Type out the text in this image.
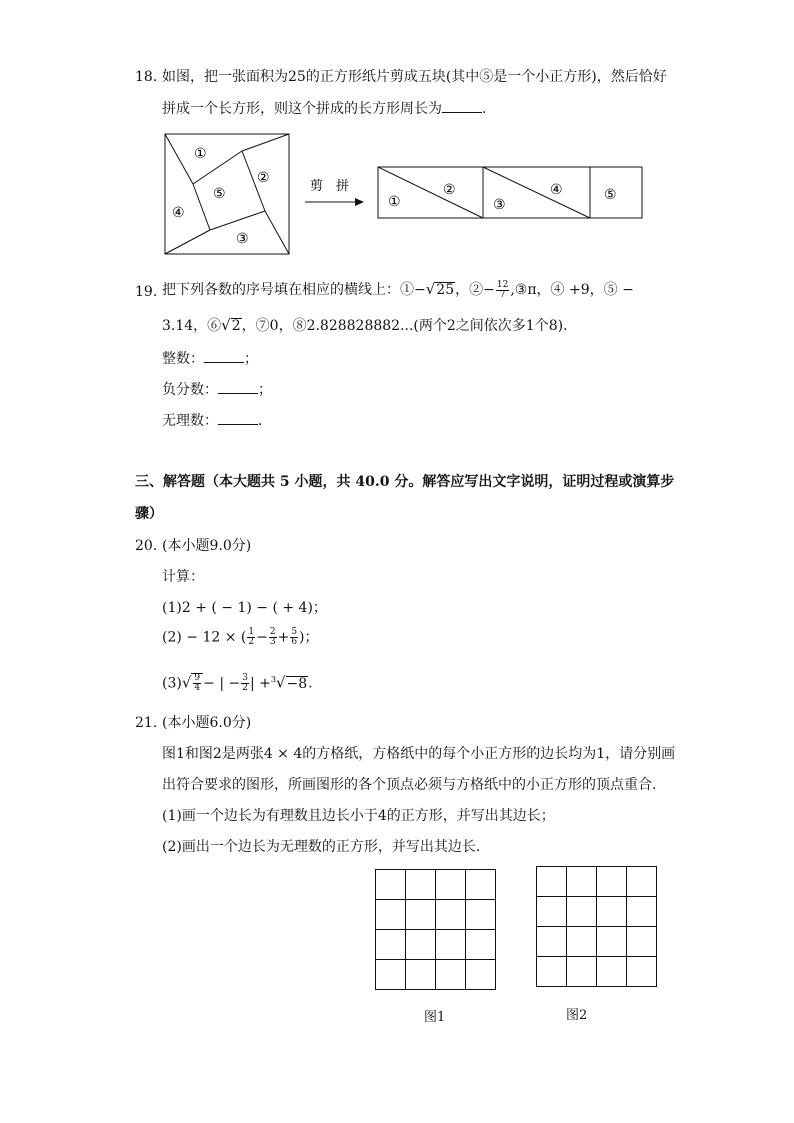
18. 如图，把一张面积为25的正方形纸片剪成五块(其中⑤是一个小正方形)，然后恰好
拼成一个长方形，则这个拼成的长方形周长为	.
①
②
③
④
⑤	剪　拼
①
②
③
④	⑤
19. 把下列各数的序号填在相应的横线上：①−√25，②− $\frac{12}{7}$ ,③π，④ +9，⑤ −
3.14，⑥√2，⑦0，⑧2.828828882...(两个2之间依次多1个8)．
整数：	；
负分数：	；
无理数：	．
三、解答题（本大题共 5 小题，共 40.0 分。解答应写出文字说明，证明过程或演算步
骤）
20. (本小题9.0分)
计算：
(1)2 + ( − 1) − ( + 4)；
(2) − 12 × ( $\frac{1}{2} - \frac{2}{3} + \frac{5}{6}$ )；
$(3)√ \frac{9}{4}$ − | − $\frac{3}{2}$ | +$^3$√−8.
21. (本小题6.0分)
图1和图2是两张4 × 4的方格纸，方格纸中的每个小正方形的边长均为1，请分别画
出符合要求的图形，所画图形的各个顶点必须与方格纸中的小正方形的顶点重合．
(1)画一个边长为有理数且边长小于4的正方形，并写出其边长；
(2)画出一个边长为无理数的正方形，并写出其边长．
图1	图2
